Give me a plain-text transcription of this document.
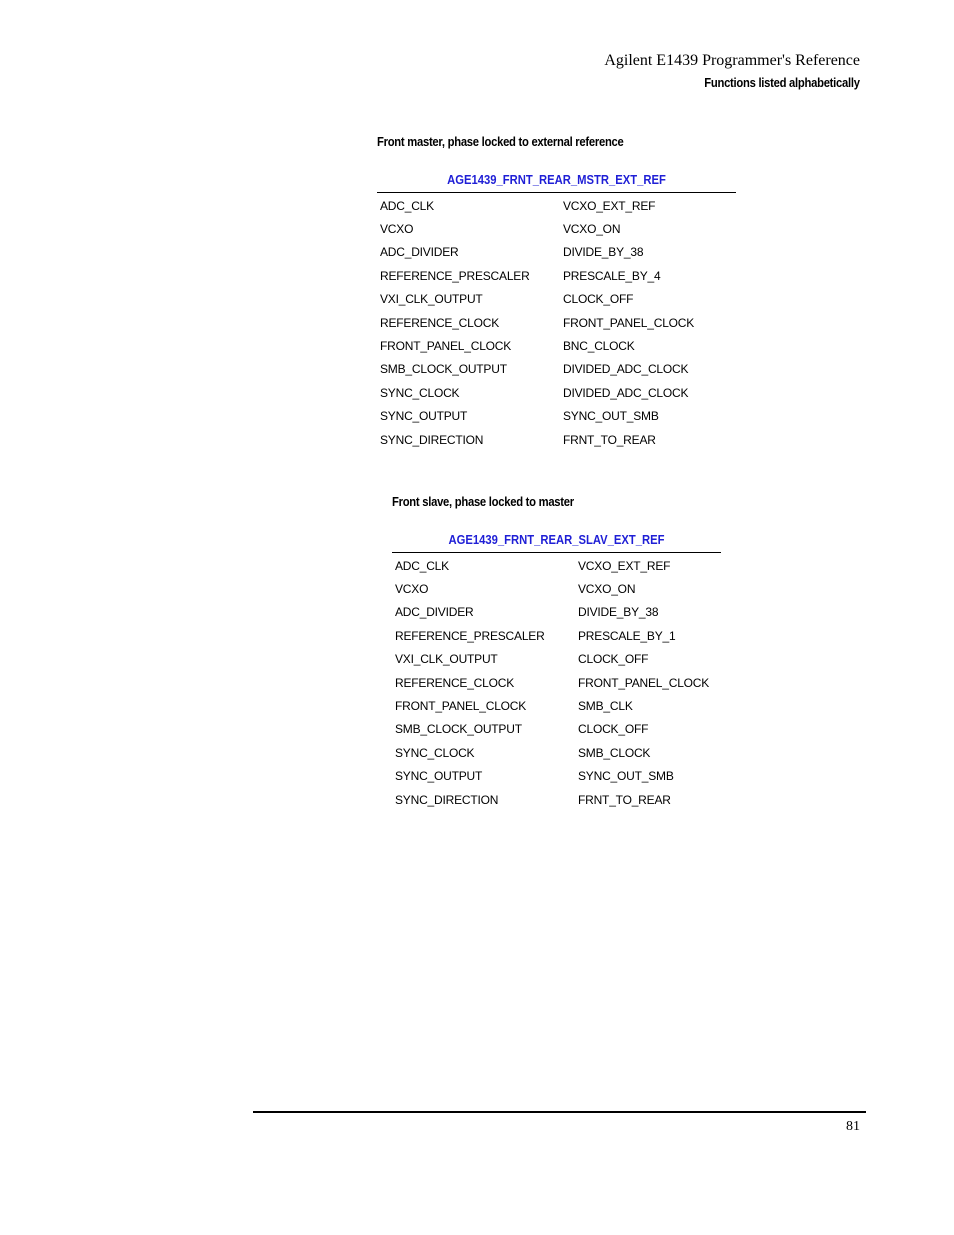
Agilent E1439 Programmer's Reference
Functions listed alphabetically
Front master, phase locked to external reference
AGE1439_FRNT_REAR_MSTR_EXT_REF
ADC_CLK	VCXO_EXT_REF
VCXO	VCXO_ON
ADC_DIVIDER	DIVIDE_BY_38
REFERENCE_PRESCALER	PRESCALE_BY_4
VXI_CLK_OUTPUT	CLOCK_OFF
REFERENCE_CLOCK	FRONT_PANEL_CLOCK
FRONT_PANEL_CLOCK	BNC_CLOCK
SMB_CLOCK_OUTPUT	DIVIDED_ADC_CLOCK
SYNC_CLOCK	DIVIDED_ADC_CLOCK
SYNC_OUTPUT	SYNC_OUT_SMB
SYNC_DIRECTION	FRNT_TO_REAR
Front slave, phase locked to master
AGE1439_FRNT_REAR_SLAV_EXT_REF
ADC_CLK	VCXO_EXT_REF
VCXO	VCXO_ON
ADC_DIVIDER	DIVIDE_BY_38
REFERENCE_PRESCALER	PRESCALE_BY_1
VXI_CLK_OUTPUT	CLOCK_OFF
REFERENCE_CLOCK	FRONT_PANEL_CLOCK
FRONT_PANEL_CLOCK	SMB_CLK
SMB_CLOCK_OUTPUT	CLOCK_OFF
SYNC_CLOCK	SMB_CLOCK
SYNC_OUTPUT	SYNC_OUT_SMB
SYNC_DIRECTION	FRNT_TO_REAR
81
